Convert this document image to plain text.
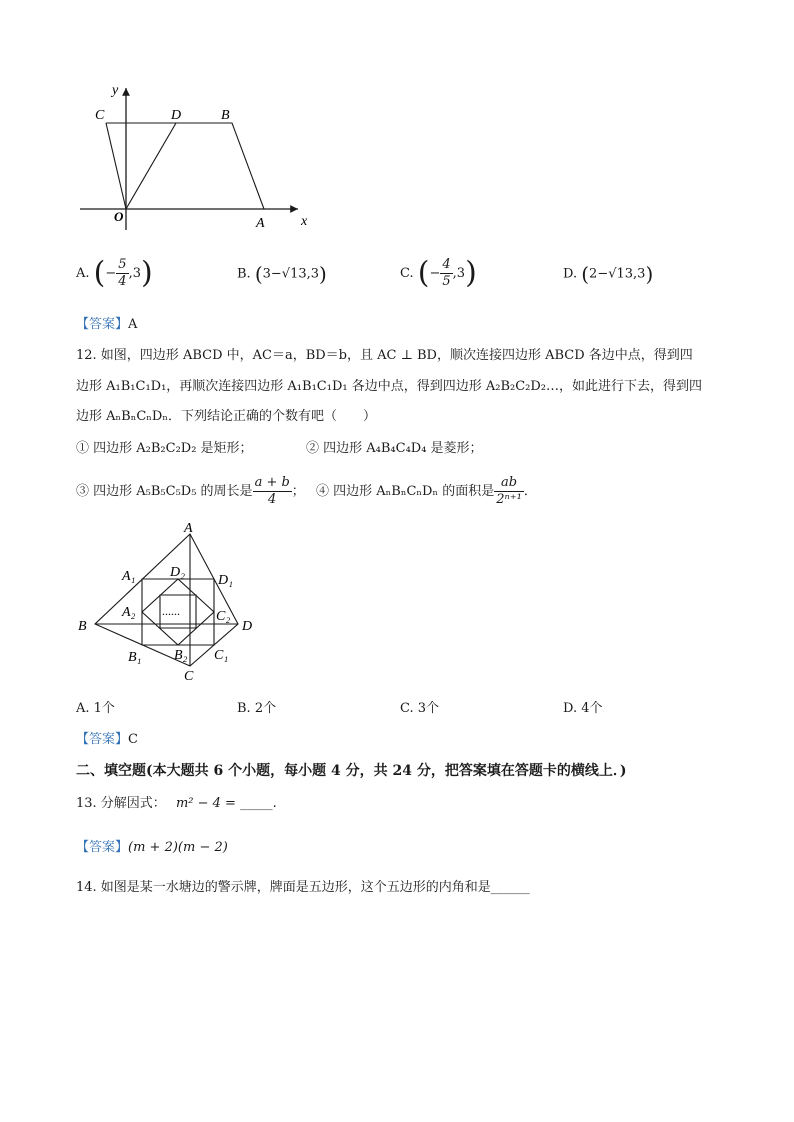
y
C	D	B
O	A	x
A. (− $\frac{5}{4} ,3$)	B. (3−√13,3)	C. (− $\frac{4}{5} ,3$)	D. (2−√13,3)
【答案】A
12. 如图，四边形 ABCD 中，AC＝a，BD＝b，且 AC ⊥ BD，顺次连接四边形 ABCD 各边中点，得到四
边形 A₁B₁C₁D₁，再顺次连接四边形 A₁B₁C₁D₁ 各边中点，得到四边形 A₂B₂C₂D₂…，如此进行下去，得到四
边形 AₙBₙCₙDₙ．下列结论正确的个数有吧（　　）
① 四边形 A₂B₂C₂D₂ 是矩形；	② 四边形 A₄B₄C₄D₄ 是菱形；
③ 四边形 A₅B₅C₅D₅ 的周长是 $\frac{a + b}{4}$ ； ④ 四边形 AₙBₙCₙDₙ 的面积是 $\frac{ab}{\text{2ⁿ⁺¹}}$ ．
A
B
C
D
A₁	D₁
B₁	C₁
D₂
A₂	C₂
B₂
......
A. 1个	B. 2个	C. 3个	D. 4个
【答案】C
二、填空题(本大题共 6 个小题，每小题 4 分，共 24 分，把答案填在答题卡的横线上．)
13. 分解因式： m² − 4 = _____.
【答案】(m + 2)(m − 2)
14. 如图是某一水塘边的警示牌，牌面是五边形，这个五边形的内角和是______
